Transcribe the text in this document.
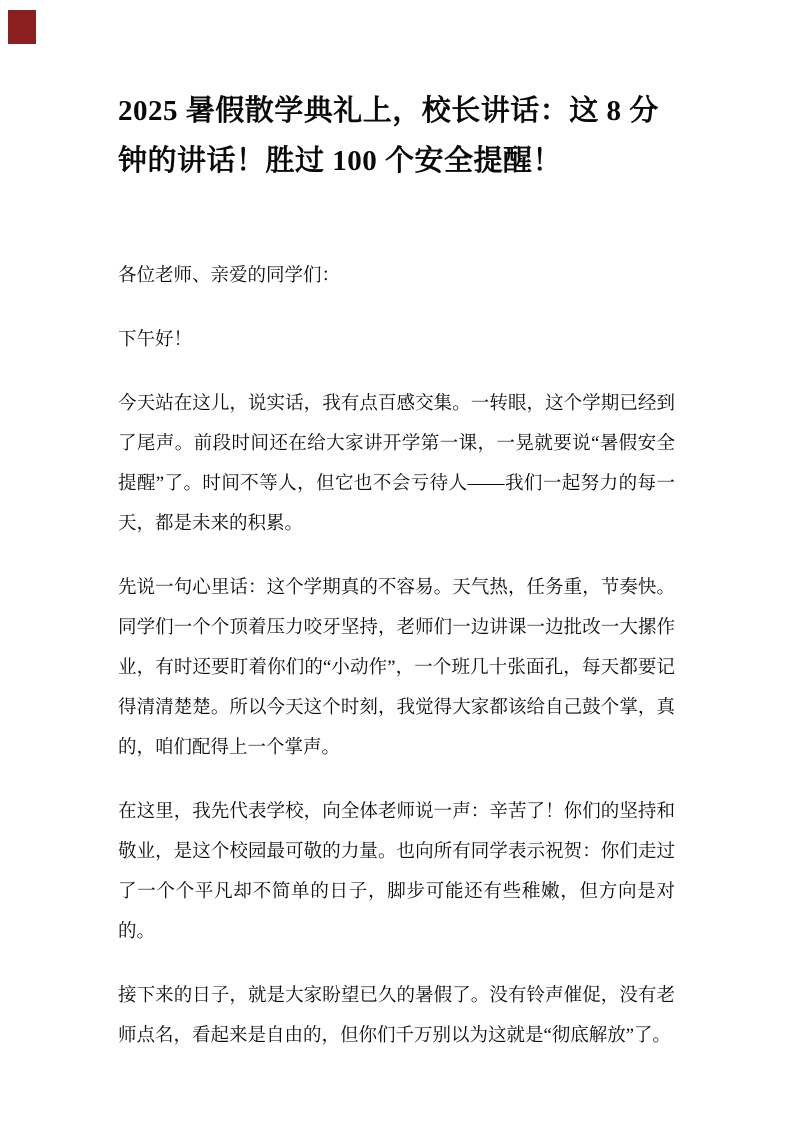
2025 暑假散学典礼上，校长讲话：这 8 分钟的讲话！胜过 100 个安全提醒！

各位老师、亲爱的同学们：

下午好！

今天站在这儿，说实话，我有点百感交集。一转眼，这个学期已经到了尾声。前段时间还在给大家讲开学第一课，一晃就要说“暑假安全提醒”了。时间不等人，但它也不会亏待人——我们一起努力的每一天，都是未来的积累。

先说一句心里话：这个学期真的不容易。天气热，任务重，节奏快。同学们一个个顶着压力咬牙坚持，老师们一边讲课一边批改一大摞作业，有时还要盯着你们的“小动作”，一个班几十张面孔，每天都要记得清清楚楚。所以今天这个时刻，我觉得大家都该给自己鼓个掌，真的，咱们配得上一个掌声。

在这里，我先代表学校，向全体老师说一声：辛苦了！你们的坚持和敬业，是这个校园最可敬的力量。也向所有同学表示祝贺：你们走过了一个个平凡却不简单的日子，脚步可能还有些稚嫩，但方向是对的。

接下来的日子，就是大家盼望已久的暑假了。没有铃声催促，没有老师点名，看起来是自由的，但你们千万别以为这就是“彻底解放”了。
